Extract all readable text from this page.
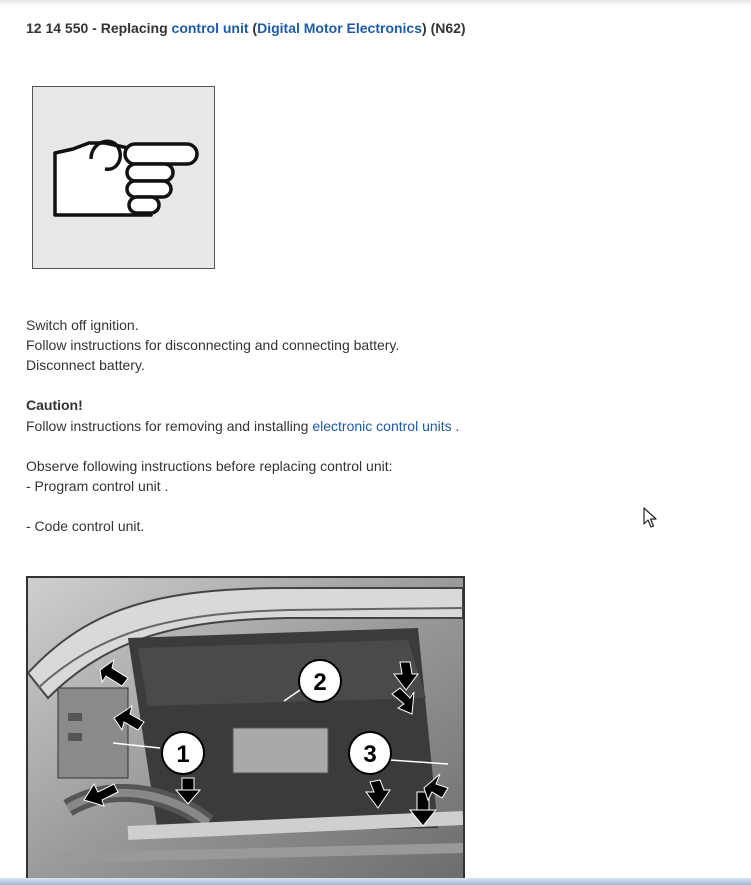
12 14 550 - Replacing control unit (Digital Motor Electronics) (N62)
Switch off ignition.
Follow instructions for disconnecting and connecting battery.
Disconnect battery.
Caution!
Follow instructions for removing and installing electronic control units .
Observe following instructions before replacing control unit:
- Program control unit .
- Code control unit.
1
2
3
